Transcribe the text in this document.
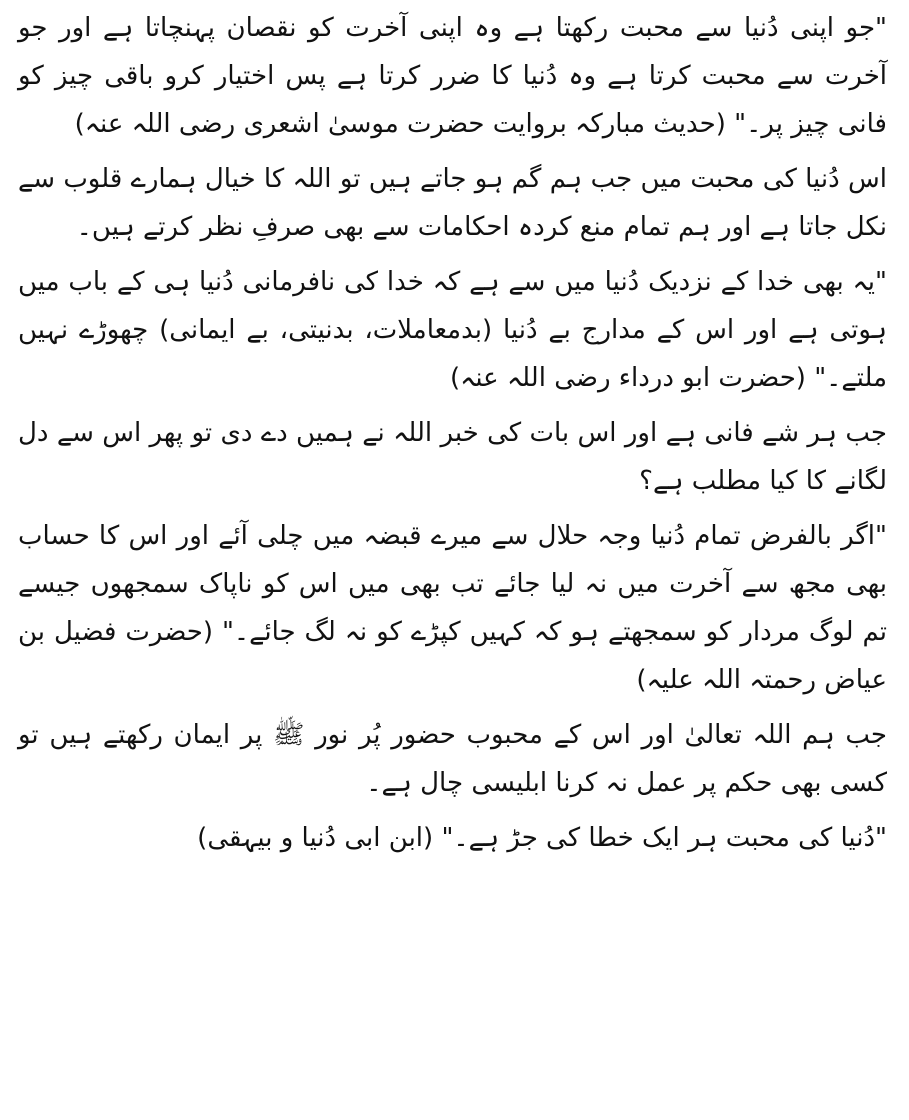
"جو اپنی دُنیا سے محبت رکھتا ہے وہ اپنی آخرت کو نقصان پہنچاتا ہے اور جو آخرت سے محبت کرتا ہے وہ دُنیا کا ضرر کرتا ہے پس اختیار کرو باقی چیز کو فانی چیز پر۔" (حدیث مبارکہ بروایت حضرت موسیٰ اشعری رضی اللہ عنہ)

اس دُنیا کی محبت میں جب ہم گم ہو جاتے ہیں تو اللہ کا خیال ہمارے قلوب سے نکل جاتا ہے اور ہم تمام منع کردہ احکامات سے بھی صرفِ نظر کرتے ہیں۔

"یہ بھی خدا کے نزدیک دُنیا میں سے ہے کہ خدا کی نافرمانی دُنیا ہی کے باب میں ہوتی ہے اور اس کے مدارج بے دُنیا (بدمعاملات، بدنیتی، بے ایمانی) چھوڑے نہیں ملتے۔" (حضرت ابو درداء رضی اللہ عنہ)

جب ہر شے فانی ہے اور اس بات کی خبر اللہ نے ہمیں دے دی تو پھر اس سے دل لگانے کا کیا مطلب ہے؟

"اگر بالفرض تمام دُنیا وجہ حلال سے میرے قبضہ میں چلی آئے اور اس کا حساب بھی مجھ سے آخرت میں نہ لیا جائے تب بھی میں اس کو ناپاک سمجھوں جیسے تم لوگ مردار کو سمجھتے ہو کہ کہیں کپڑے کو نہ لگ جائے۔" (حضرت فضیل بن عیاض رحمتہ اللہ علیہ)

جب ہم اللہ تعالیٰ اور اس کے محبوب حضور پُر نور ﷺ پر ایمان رکھتے ہیں تو کسی بھی حکم پر عمل نہ کرنا ابلیسی چال ہے۔

"دُنیا کی محبت ہر ایک خطا کی جڑ ہے۔" (ابن ابی دُنیا و بیہقی)
